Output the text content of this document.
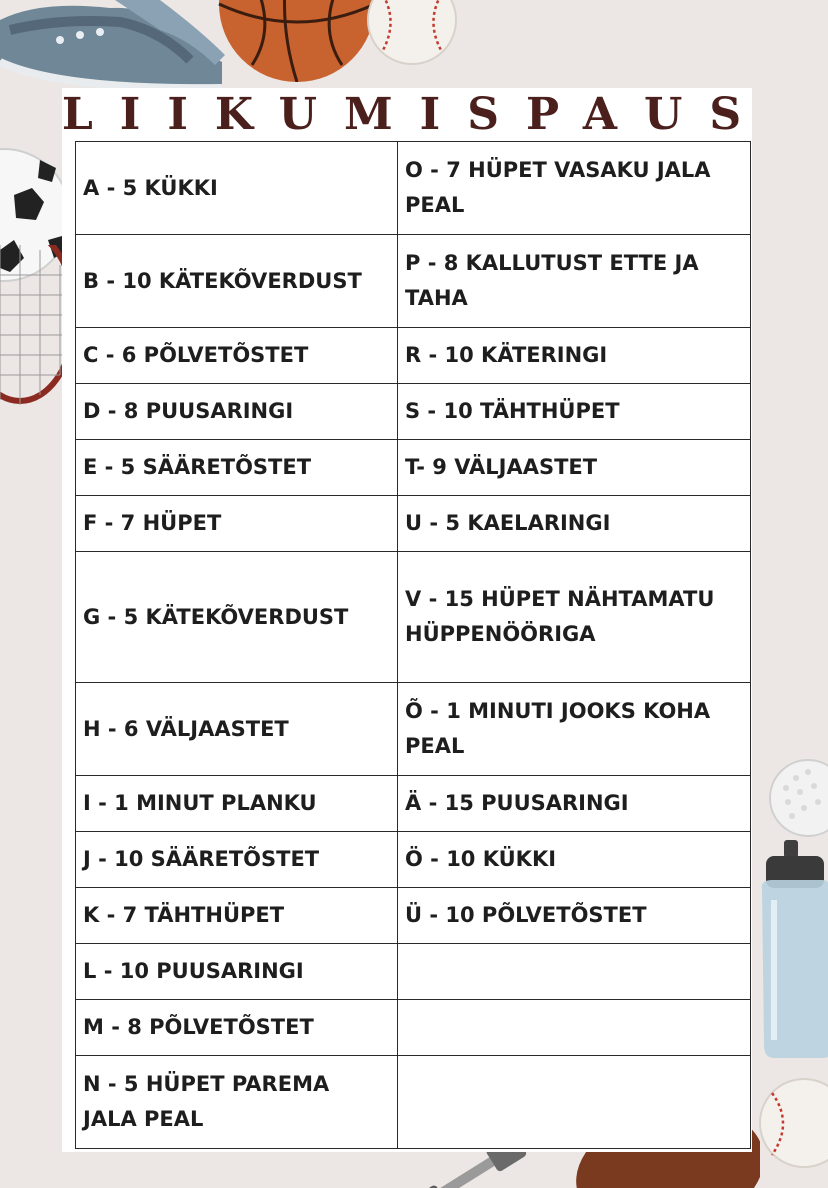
LIIKUMISPAUS
A - 5 KÜKKI	O - 7 HÜPET VASAKU JALA PEAL
B - 10 KÄTEKÕVERDUST	P - 8 KALLUTUST ETTE JA TAHA
C - 6 PÕLVETÕSTET	R - 10 KÄTERINGI
D - 8 PUUSARINGI	S - 10 TÄHTHÜPET
E - 5 SÄÄRETÕSTET	T- 9 VÄLJAASTET
F - 7 HÜPET	U - 5 KAELARINGI
G - 5 KÄTEKÕVERDUST	V - 15 HÜPET NÄHTAMATU HÜPPENÖÖRIGA
H - 6 VÄLJAASTET	Õ - 1 MINUTI JOOKS KOHA PEAL
I - 1 MINUT PLANKU	Ä - 15 PUUSARINGI
J - 10 SÄÄRETÕSTET	Ö - 10 KÜKKI
K - 7 TÄHTHÜPET	Ü - 10 PÕLVETÕSTET
L - 10 PUUSARINGI	
M - 8 PÕLVETÕSTET	
N - 5 HÜPET PAREMA JALA PEAL	
